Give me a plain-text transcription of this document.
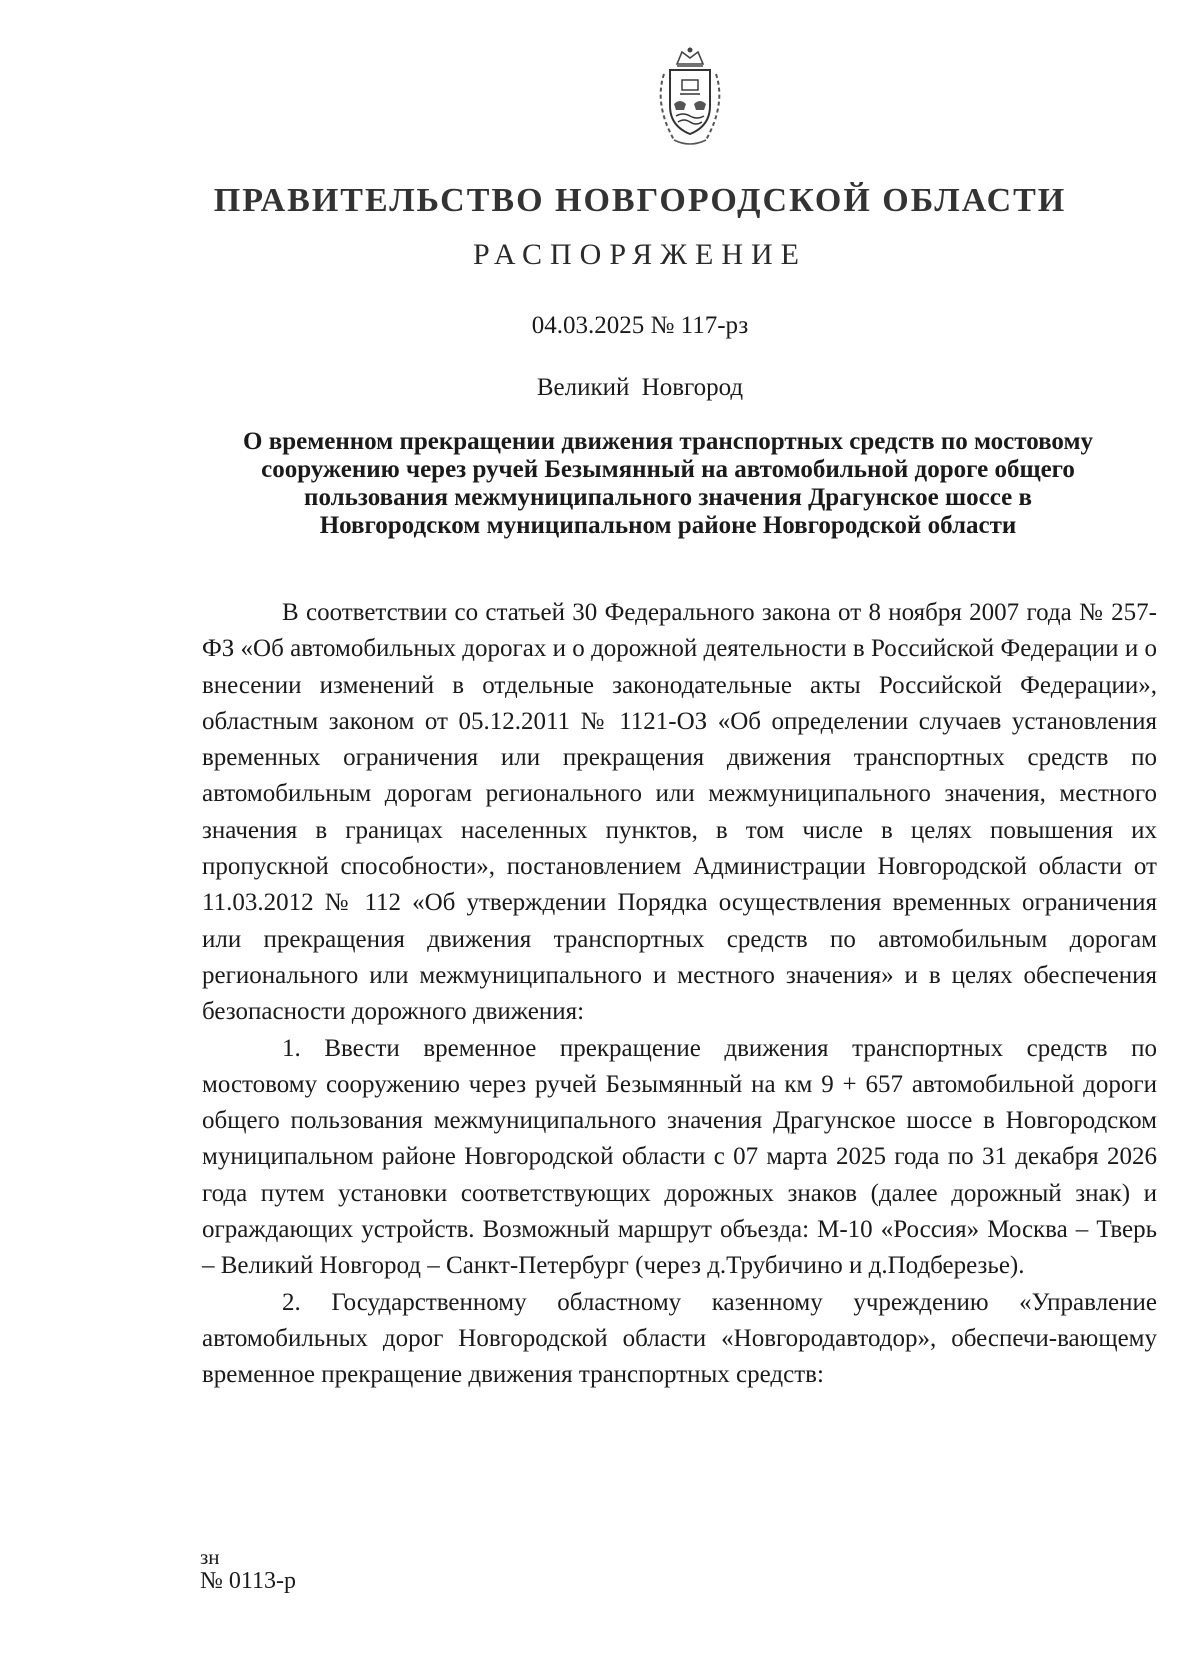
ПРАВИТЕЛЬСТВО НОВГОРОДСКОЙ ОБЛАСТИ
РАСПОРЯЖЕНИЕ
04.03.2025 № 117-рз
Великий Новгород
О временном прекращении движения транспортных средств по мостовому сооружению через ручей Безымянный на автомобильной дороге общего пользования межмуниципального значения Драгунское шоссе в Новгородском муниципальном районе Новгородской области

В соответствии со статьей 30 Федерального закона от 8 ноября 2007 года № 257-ФЗ «Об автомобильных дорогах и о дорожной деятельности в Российской Федерации и о внесении изменений в отдельные законодательные акты Российской Федерации», областным законом от 05.12.2011 № 1121-ОЗ «Об определении случаев установления временных ограничения или прекращения движения транспортных средств по автомобильным дорогам регионального или межмуниципального значения, местного значения в границах населенных пунктов, в том числе в целях повышения их пропускной способности», постановлением Администрации Новгородской области от 11.03.2012 № 112 «Об утверждении Порядка осуществления временных ограничения или прекращения движения транспортных средств по автомобильным дорогам регионального или межмуниципального и местного значения» и в целях обеспечения безопасности дорожного движения:

1. Ввести временное прекращение движения транспортных средств по мостовому сооружению через ручей Безымянный на км 9 + 657 автомобильной дороги общего пользования межмуниципального значения Драгунское шоссе в Новгородском муниципальном районе Новгородской области с 07 марта 2025 года по 31 декабря 2026 года путем установки соответствующих дорожных знаков (далее дорожный знак) и ограждающих устройств. Возможный маршрут объезда: М-10 «Россия» Москва – Тверь – Великий Новгород – Санкт-Петербург (через д.Трубичино и д.Подберезье).

2. Государственному областному казенному учреждению «Управление автомобильных дорог Новгородской области «Новгородавтодор», обеспечи-вающему временное прекращение движения транспортных средств:

зн
№ 0113-р
